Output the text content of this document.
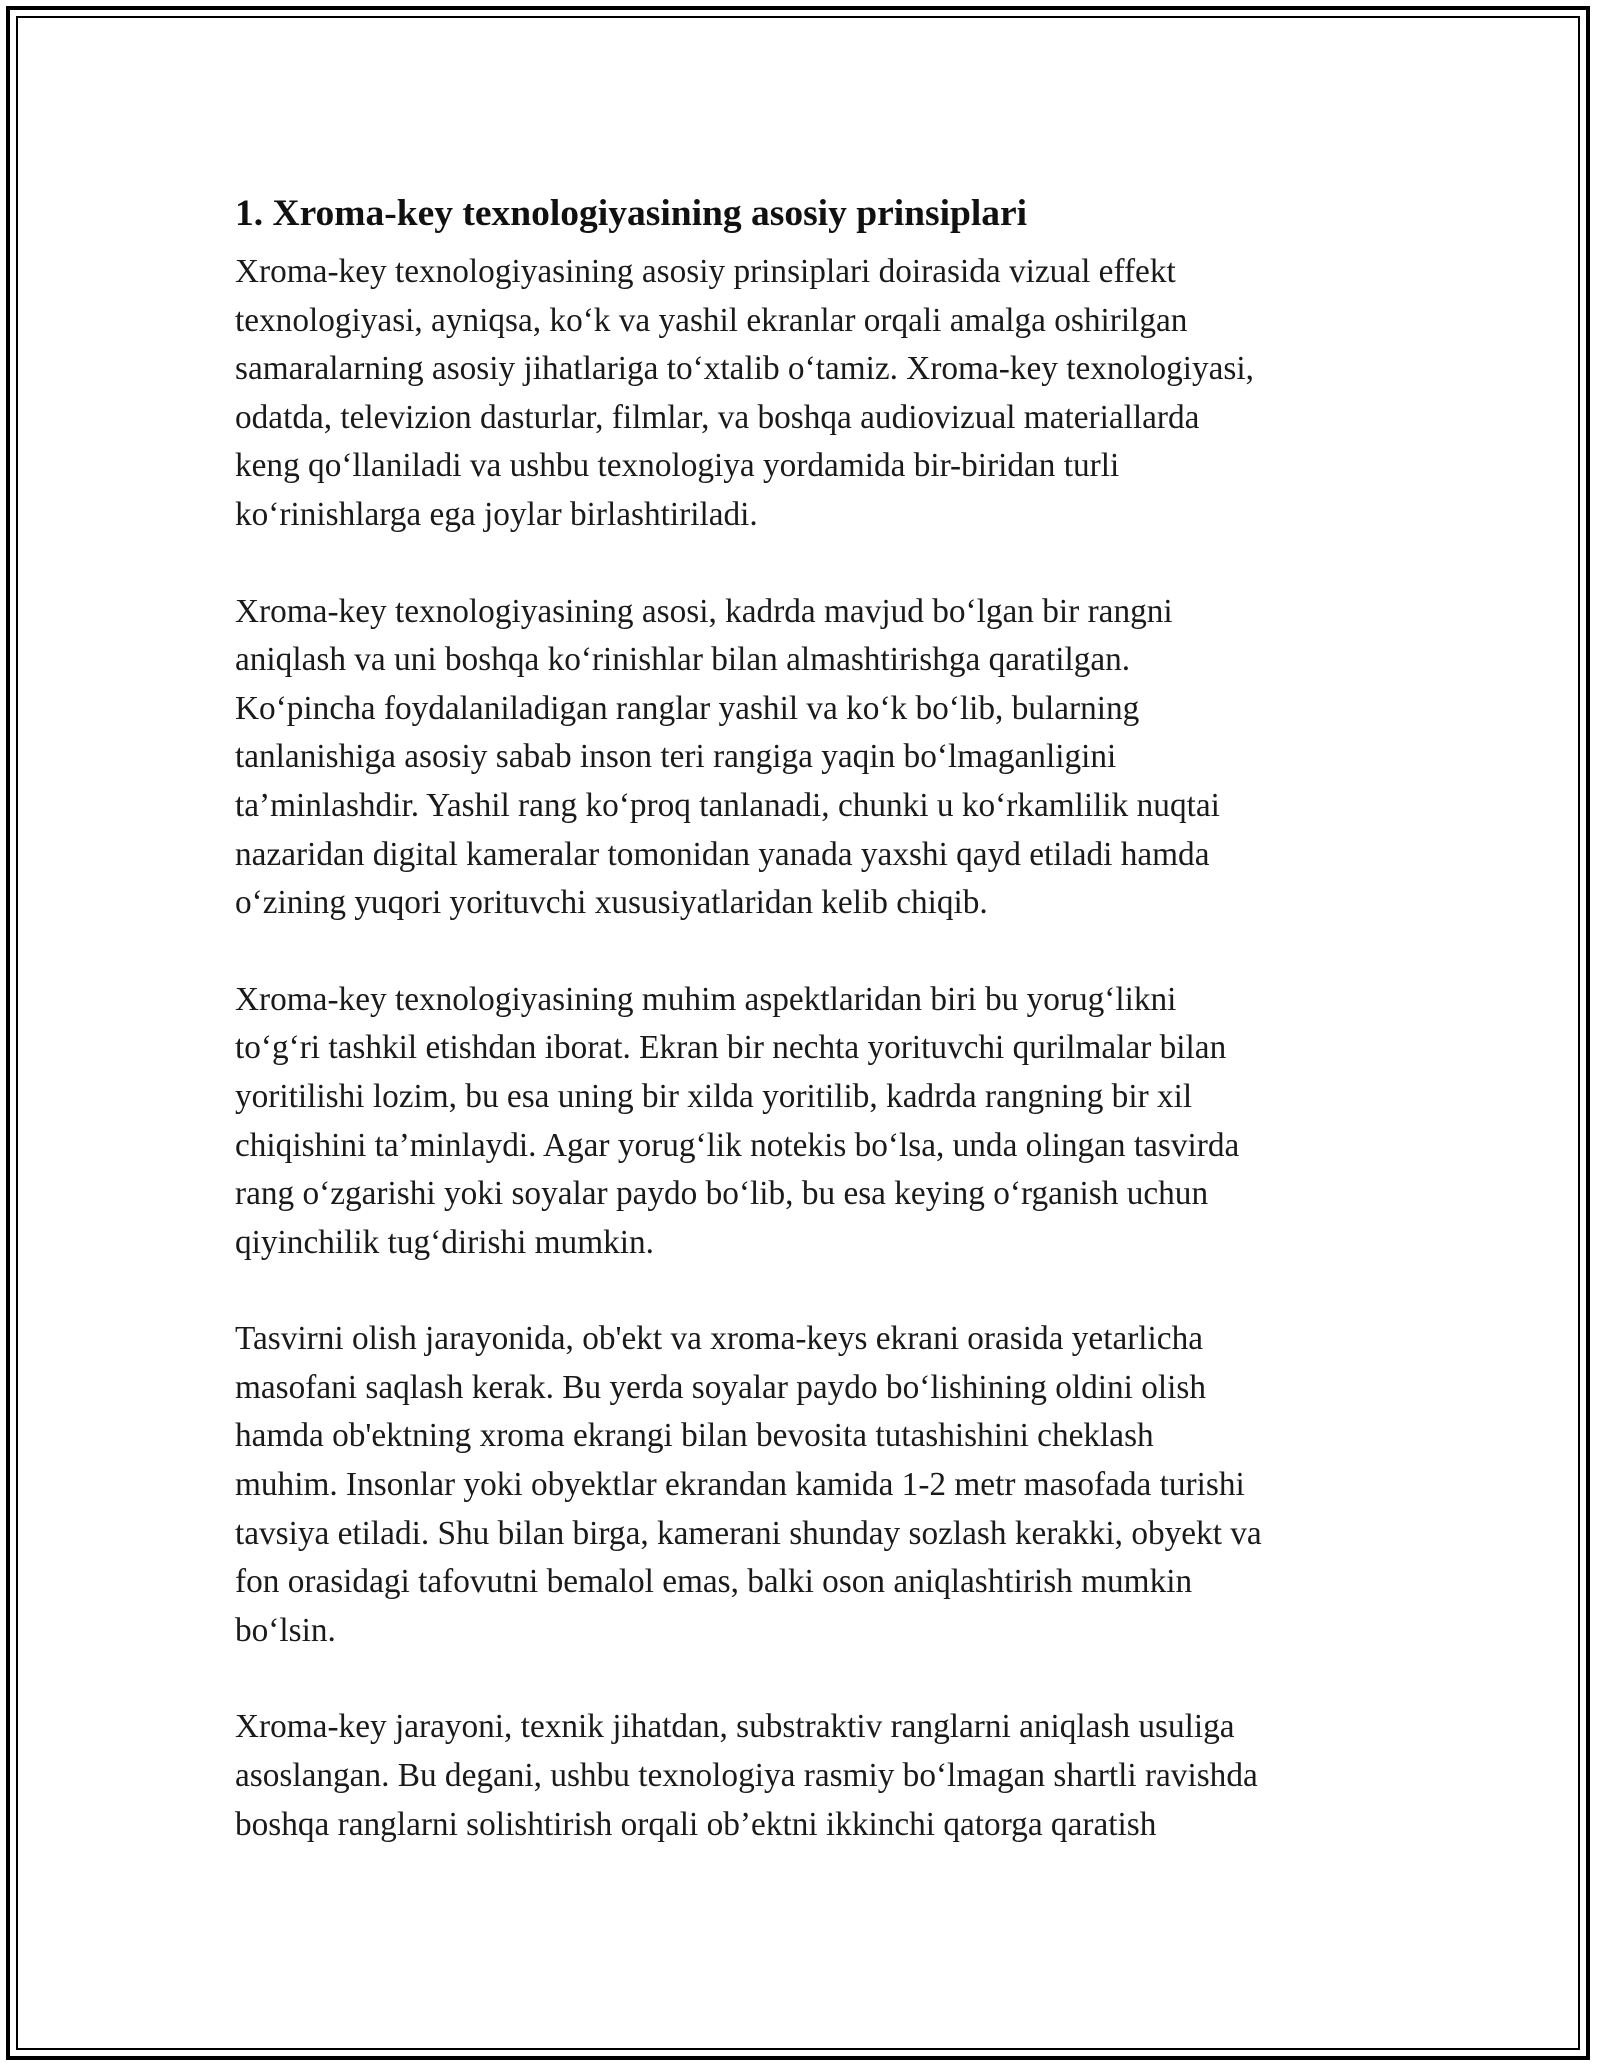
1. Xroma-key texnologiyasining asosiy prinsiplari
Xroma-key texnologiyasining asosiy prinsiplari doirasida vizual effekt
texnologiyasi, ayniqsa, ko‘k va yashil ekranlar orqali amalga oshirilgan
samaralarning asosiy jihatlariga to‘xtalib o‘tamiz. Xroma-key texnologiyasi,
odatda, televizion dasturlar, filmlar, va boshqa audiovizual materiallarda
keng qo‘llaniladi va ushbu texnologiya yordamida bir-biridan turli
ko‘rinishlarga ega joylar birlashtiriladi.
Xroma-key texnologiyasining asosi, kadrda mavjud bo‘lgan bir rangni
aniqlash va uni boshqa ko‘rinishlar bilan almashtirishga qaratilgan.
Ko‘pincha foydalaniladigan ranglar yashil va ko‘k bo‘lib, bularning
tanlanishiga asosiy sabab inson teri rangiga yaqin bo‘lmaganligini
ta’minlashdir. Yashil rang ko‘proq tanlanadi, chunki u ko‘rkamlilik nuqtai
nazaridan digital kameralar tomonidan yanada yaxshi qayd etiladi hamda
o‘zining yuqori yorituvchi xususiyatlaridan kelib chiqib.
Xroma-key texnologiyasining muhim aspektlaridan biri bu yorug‘likni
to‘g‘ri tashkil etishdan iborat. Ekran bir nechta yorituvchi qurilmalar bilan
yoritilishi lozim, bu esa uning bir xilda yoritilib, kadrda rangning bir xil
chiqishini ta’minlaydi. Agar yorug‘lik notekis bo‘lsa, unda olingan tasvirda
rang o‘zgarishi yoki soyalar paydo bo‘lib, bu esa keying o‘rganish uchun
qiyinchilik tug‘dirishi mumkin.
Tasvirni olish jarayonida, ob'ekt va xroma-keys ekrani orasida yetarlicha
masofani saqlash kerak. Bu yerda soyalar paydo bo‘lishining oldini olish
hamda ob'ektning xroma ekrangi bilan bevosita tutashishini cheklash
muhim. Insonlar yoki obyektlar ekrandan kamida 1-2 metr masofada turishi
tavsiya etiladi. Shu bilan birga, kamerani shunday sozlash kerakki, obyekt va
fon orasidagi tafovutni bemalol emas, balki oson aniqlashtirish mumkin
bo‘lsin.
Xroma-key jarayoni, texnik jihatdan, substraktiv ranglarni aniqlash usuliga
asoslangan. Bu degani, ushbu texnologiya rasmiy bo‘lmagan shartli ravishda
boshqa ranglarni solishtirish orqali ob’ektni ikkinchi qatorga qaratish
